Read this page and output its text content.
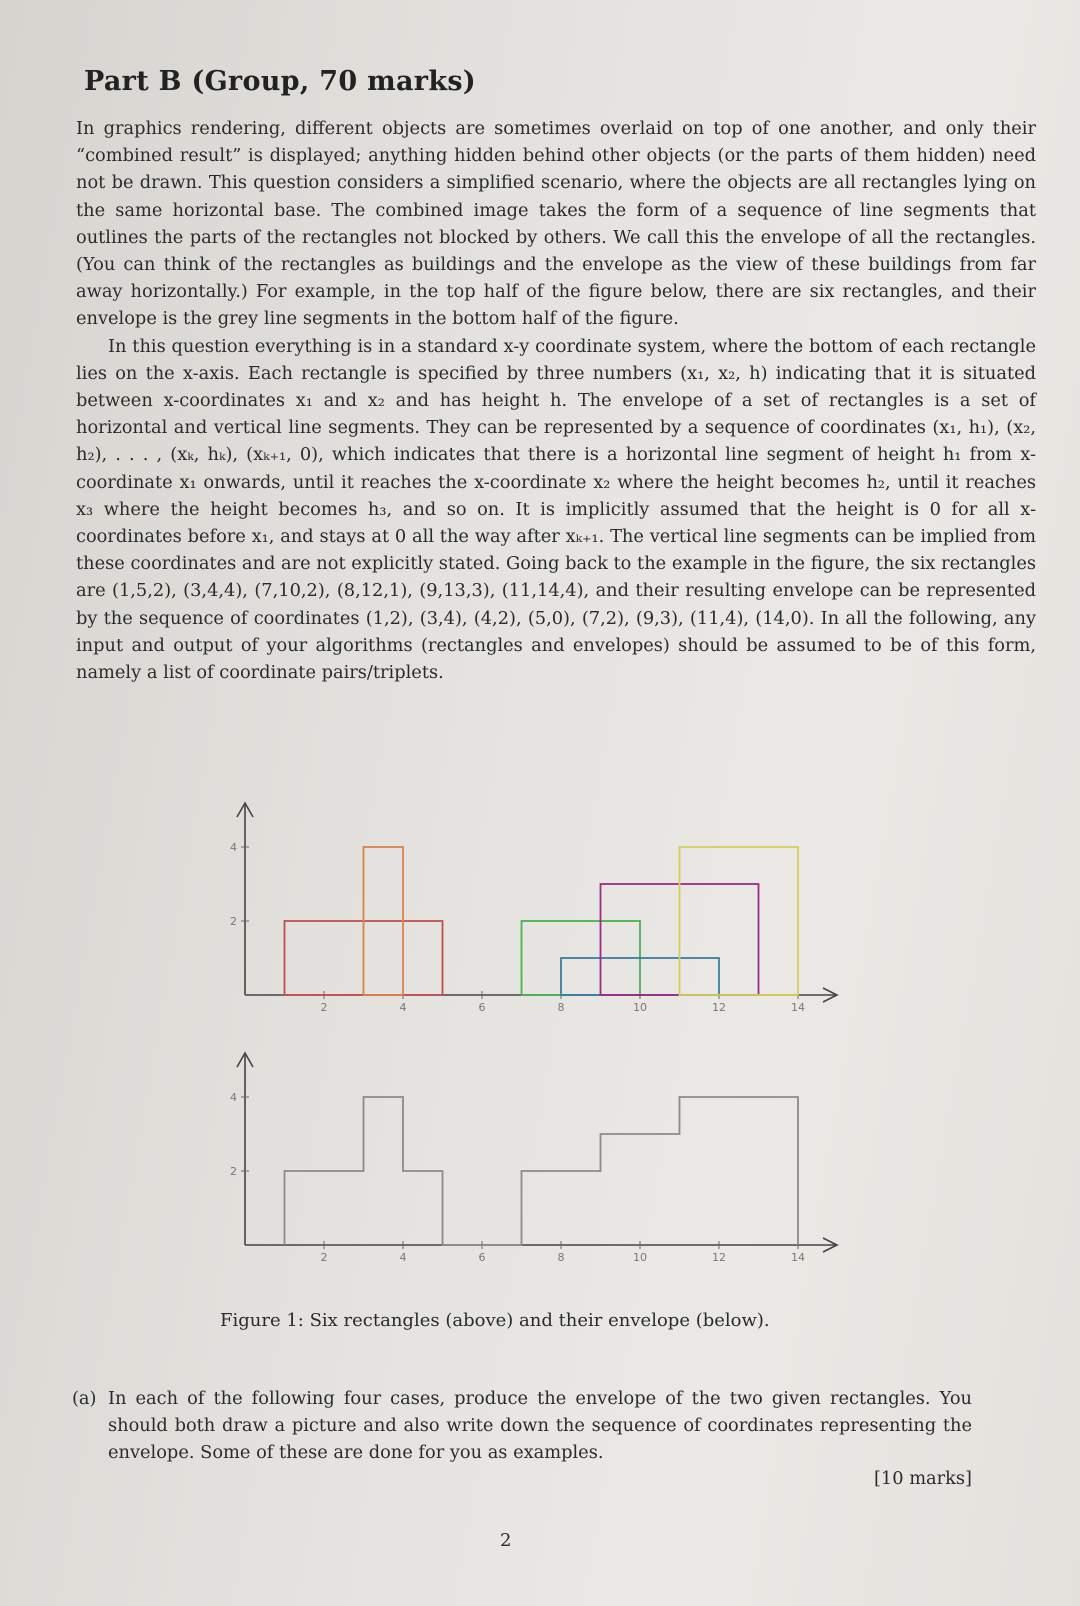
Part B (Group, 70 marks)

In graphics rendering, different objects are sometimes overlaid on top of one another, and only their “combined result” is displayed; anything hidden behind other objects (or the parts of them hidden) need not be drawn. This question considers a simplified scenario, where the objects are all rectangles lying on the same horizontal base. The combined image takes the form of a sequence of line segments that outlines the parts of the rectangles not blocked by others. We call this the envelope of all the rectangles. (You can think of the rectangles as buildings and the envelope as the view of these buildings from far away horizontally.) For example, in the top half of the figure below, there are six rectangles, and their envelope is the grey line segments in the bottom half of the figure.

In this question everything is in a standard x-y coordinate system, where the bottom of each rectangle lies on the x-axis. Each rectangle is specified by three numbers (x₁, x₂, h) indicating that it is situated between x-coordinates x₁ and x₂ and has height h. The envelope of a set of rectangles is a set of horizontal and vertical line segments. They can be represented by a sequence of coordinates (x₁, h₁), (x₂, h₂), . . . , (xₖ, hₖ), (xₖ₊₁, 0), which indicates that there is a horizontal line segment of height h₁ from x-coordinate x₁ onwards, until it reaches the x-coordinate x₂ where the height becomes h₂, until it reaches x₃ where the height becomes h₃, and so on. It is implicitly assumed that the height is 0 for all x-coordinates before x₁, and stays at 0 all the way after xₖ₊₁. The vertical line segments can be implied from these coordinates and are not explicitly stated. Going back to the example in the figure, the six rectangles are (1,5,2), (3,4,4), (7,10,2), (8,12,1), (9,13,3), (11,14,4), and their resulting envelope can be represented by the sequence of coordinates (1,2), (3,4), (4,2), (5,0), (7,2), (9,3), (11,4), (14,0). In all the following, any input and output of your algorithms (rectangles and envelopes) should be assumed to be of this form, namely a list of coordinate pairs/triplets.

2	4	6	8	10	12	14
2
4
2	4	6	8	10	12	14
2
4
Figure 1: Six rectangles (above) and their envelope (below).
(a) In each of the following four cases, produce the envelope of the two given rectangles. You should both draw a picture and also write down the sequence of coordinates representing the envelope. Some of these are done for you as examples.
[10 marks]
2
